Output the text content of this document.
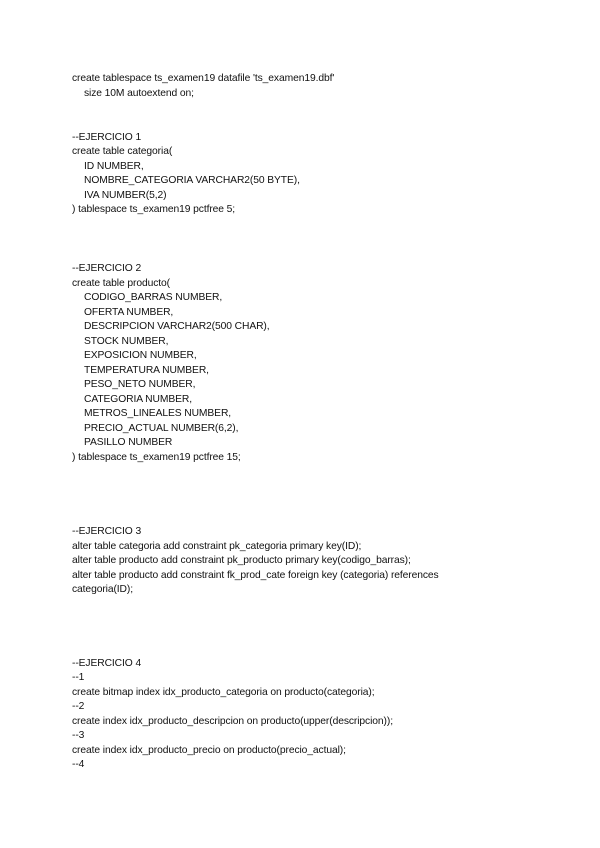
create tablespace ts_examen19 datafile 'ts_examen19.dbf'
size 10M autoextend on;
--EJERCICIO 1
create table categoria(
ID NUMBER,
NOMBRE_CATEGORIA VARCHAR2(50 BYTE),
IVA NUMBER(5,2)
) tablespace ts_examen19 pctfree 5;
--EJERCICIO 2
create table producto(
CODIGO_BARRAS NUMBER,
OFERTA NUMBER,
DESCRIPCION VARCHAR2(500 CHAR),
STOCK NUMBER,
EXPOSICION NUMBER,
TEMPERATURA NUMBER,
PESO_NETO NUMBER,
CATEGORIA NUMBER,
METROS_LINEALES NUMBER,
PRECIO_ACTUAL NUMBER(6,2),
PASILLO NUMBER
) tablespace ts_examen19 pctfree 15;
--EJERCICIO 3
alter table categoria add constraint pk_categoria primary key(ID);
alter table producto add constraint pk_producto primary key(codigo_barras);
alter table producto add constraint fk_prod_cate foreign key (categoria) references
categoria(ID);
--EJERCICIO 4
--1
create bitmap index idx_producto_categoria on producto(categoria);
--2
create index idx_producto_descripcion on producto(upper(descripcion));
--3
create index idx_producto_precio on producto(precio_actual);
--4
